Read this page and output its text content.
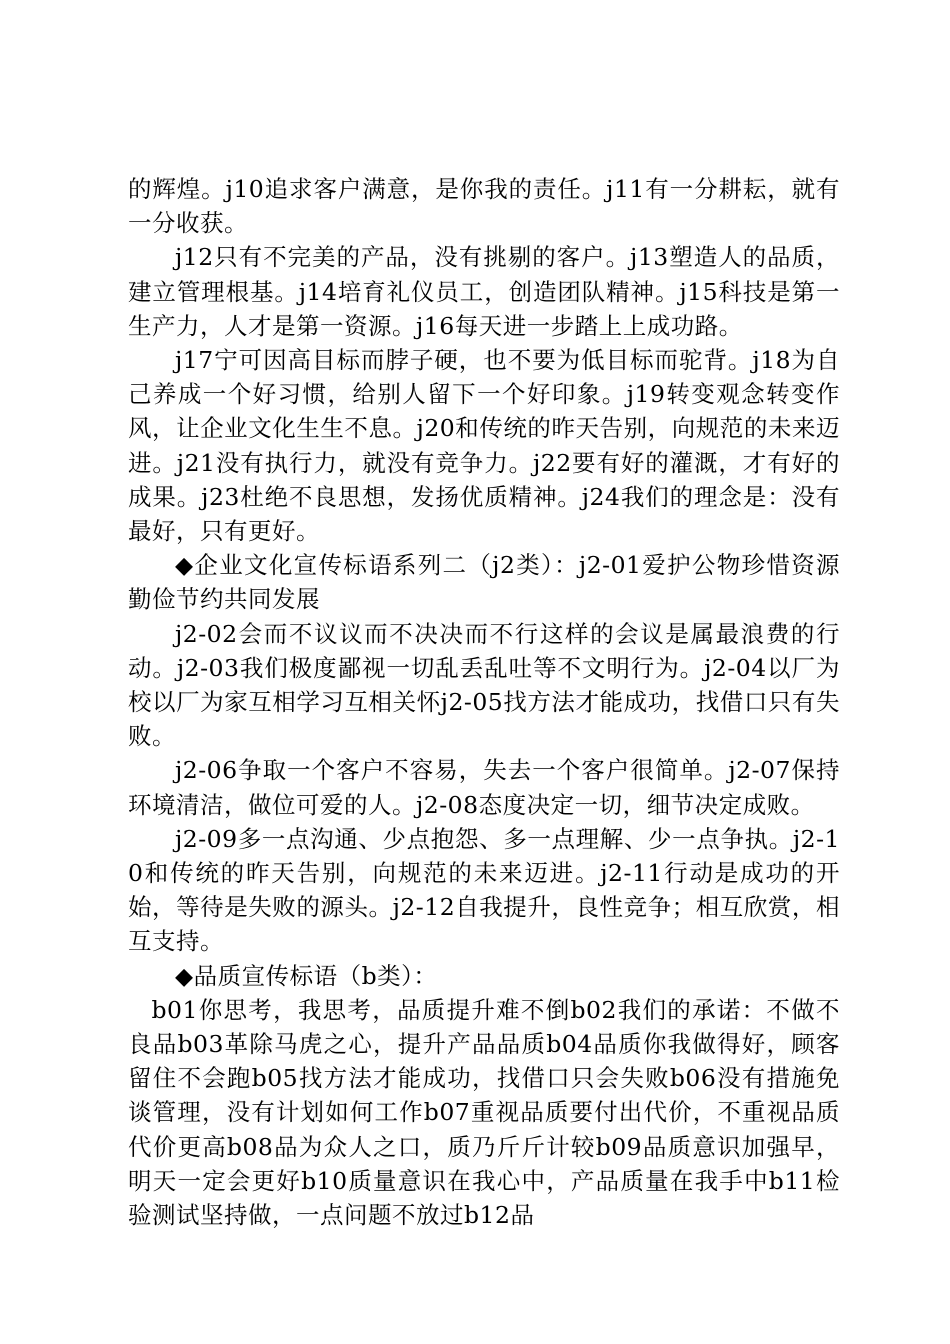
的辉煌。j10追求客户满意，是你我的责任。j11有一分耕耘，就有一分收获。

j12只有不完美的产品，没有挑剔的客户。j13塑造人的品质，建立管理根基。j14培育礼仪员工，创造团队精神。j15科技是第一生产力，人才是第一资源。j16每天进一步踏上上成功路。

j17宁可因高目标而脖子硬，也不要为低目标而驼背。j18为自己养成一个好习惯，给别人留下一个好印象。j19转变观念转变作风，让企业文化生生不息。j20和传统的昨天告别，向规范的未来迈进。j21没有执行力，就没有竞争力。j22要有好的灌溉，才有好的成果。j23杜绝不良思想，发扬优质精神。j24我们的理念是：没有最好，只有更好。

◆企业文化宣传标语系列二（j2类）：j2-01爱护公物珍惜资源勤俭节约共同发展

j2-02会而不议议而不决决而不行这样的会议是属最浪费的行动。j2-03我们极度鄙视一切乱丢乱吐等不文明行为。j2-04以厂为校以厂为家互相学习互相关怀j2-05找方法才能成功，找借口只有失败。

j2-06争取一个客户不容易，失去一个客户很简单。j2-07保持环境清洁，做位可爱的人。j2-08态度决定一切，细节决定成败。

j2-09多一点沟通、少点抱怨、多一点理解、少一点争执。j2-10和传统的昨天告别，向规范的未来迈进。j2-11行动是成功的开始，等待是失败的源头。j2-12自我提升，良性竞争；相互欣赏，相互支持。

◆品质宣传标语（b类）：

b01你思考，我思考，品质提升难不倒b02我们的承诺：不做不良品b03革除马虎之心，提升产品品质b04品质你我做得好，顾客留住不会跑b05找方法才能成功，找借口只会失败b06没有措施免谈管理，没有计划如何工作b07重视品质要付出代价，不重视品质代价更高b08品为众人之口，质乃斤斤计较b09品质意识加强早，明天一定会更好b10质量意识在我心中，产品质量在我手中b11检验测试坚持做，一点问题不放过b12品
